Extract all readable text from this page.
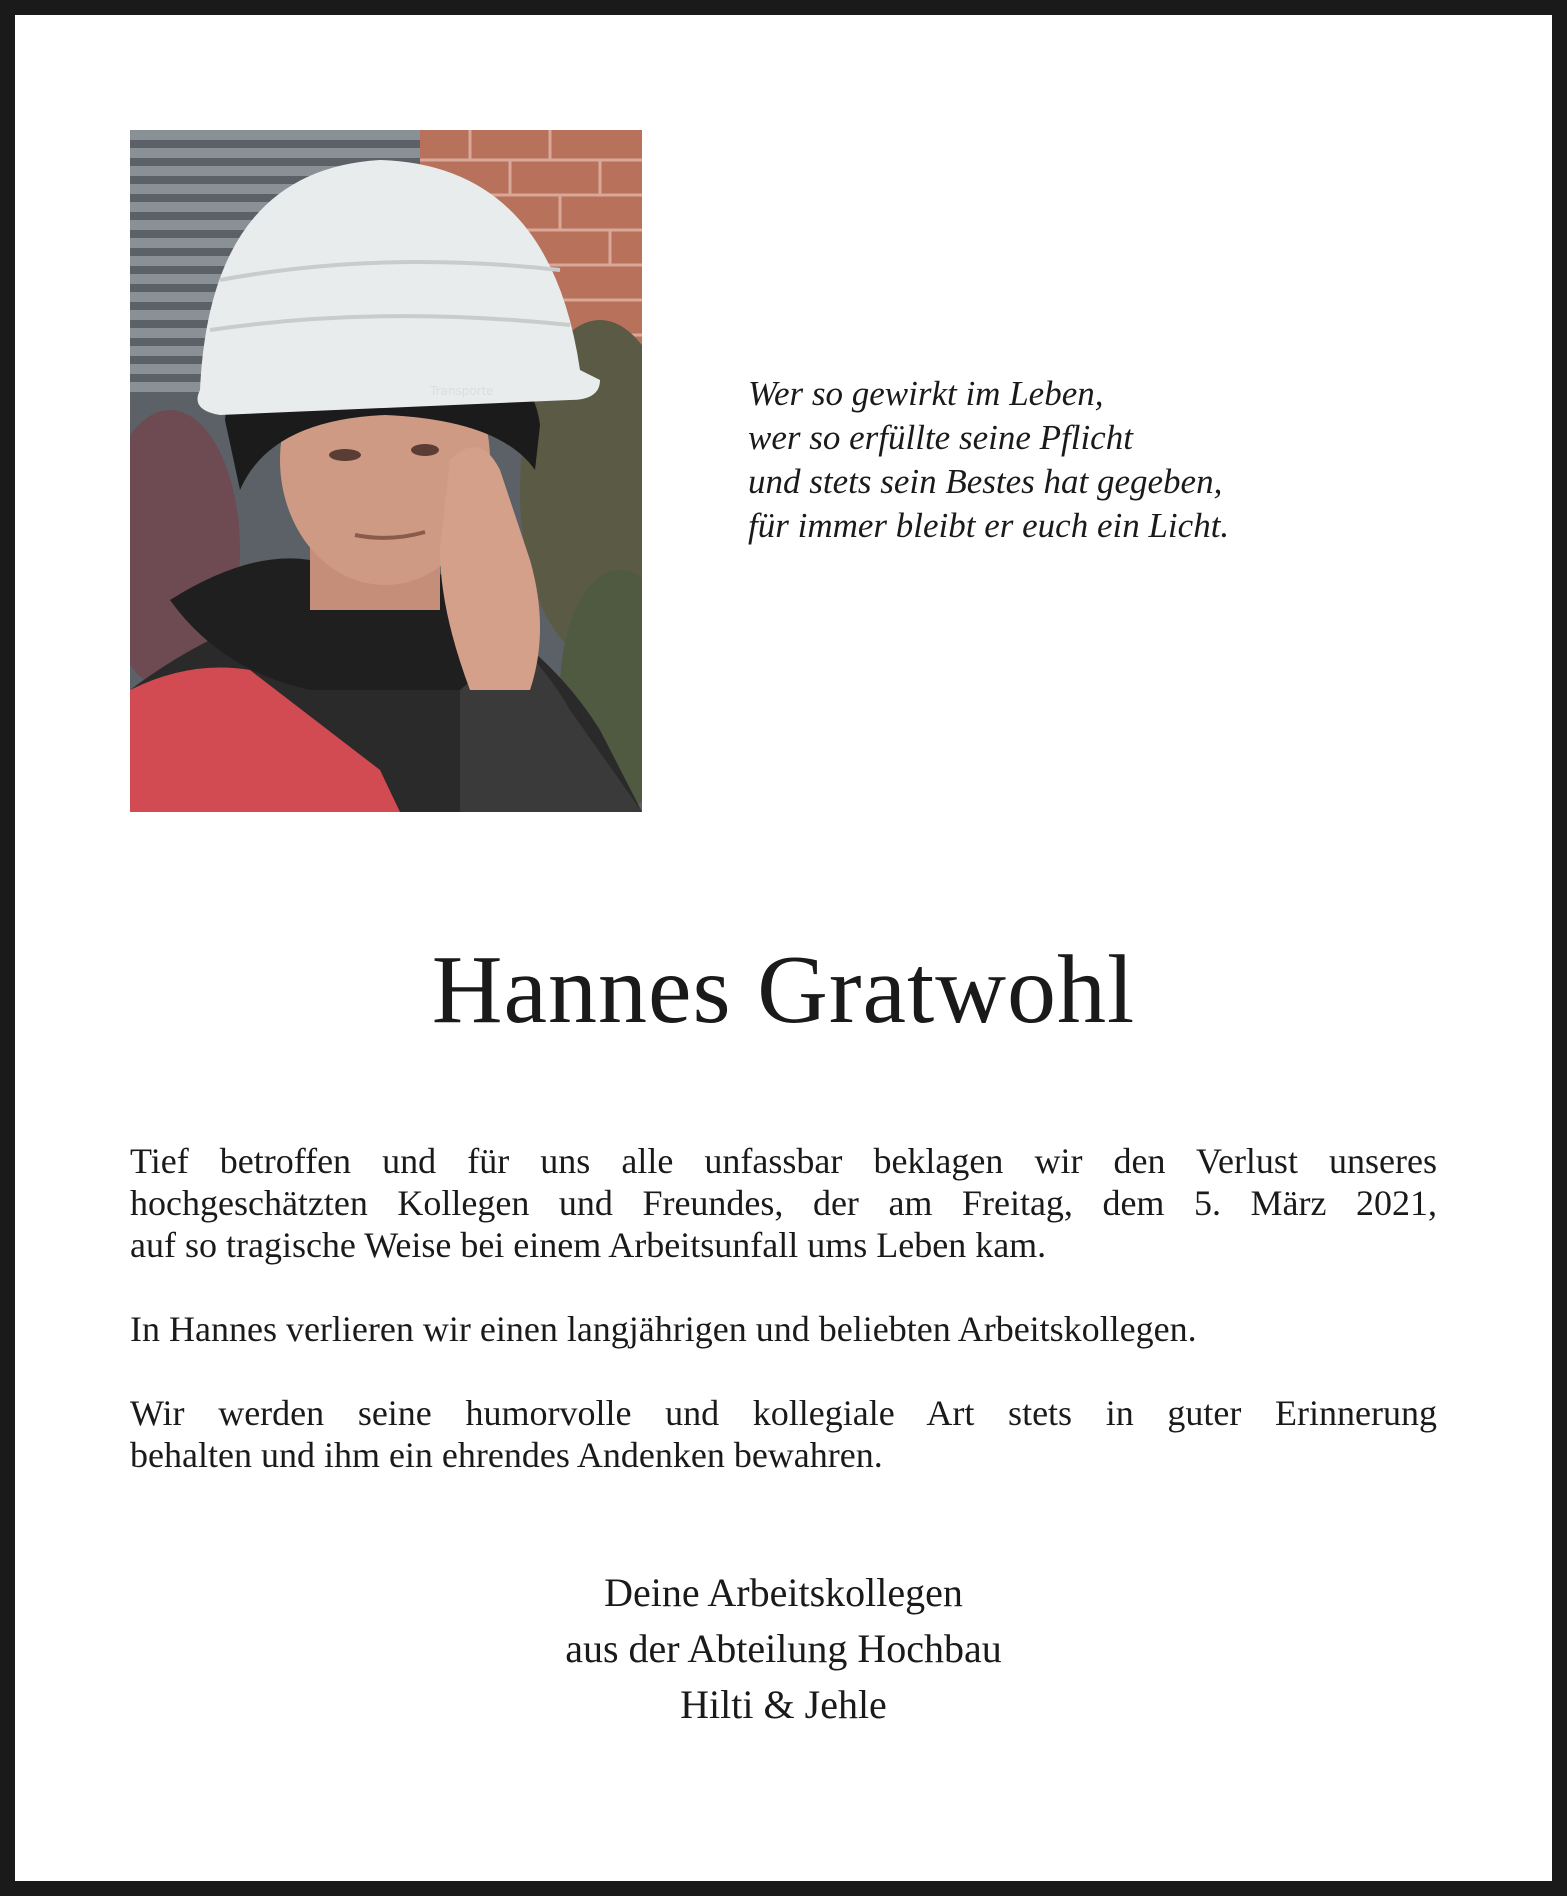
Transporte	Wer so gewirkt im Leben,
wer so erfüllte seine Pflicht
und stets sein Bestes hat gegeben,
für immer bleibt er euch ein Licht.
Hannes Gratwohl
Tief betroffen und für uns alle unfassbar beklagen wir den Verlust unseres
hochgeschätzten Kollegen und Freundes, der am Freitag, dem 5. März 2021,
auf so tragische Weise bei einem Arbeitsunfall ums Leben kam.
In Hannes verlieren wir einen langjährigen und beliebten Arbeitskollegen.
Wir werden seine humorvolle und kollegiale Art stets in guter Erinnerung
behalten und ihm ein ehrendes Andenken bewahren.
Deine Arbeitskollegen
aus der Abteilung Hochbau
Hilti & Jehle
